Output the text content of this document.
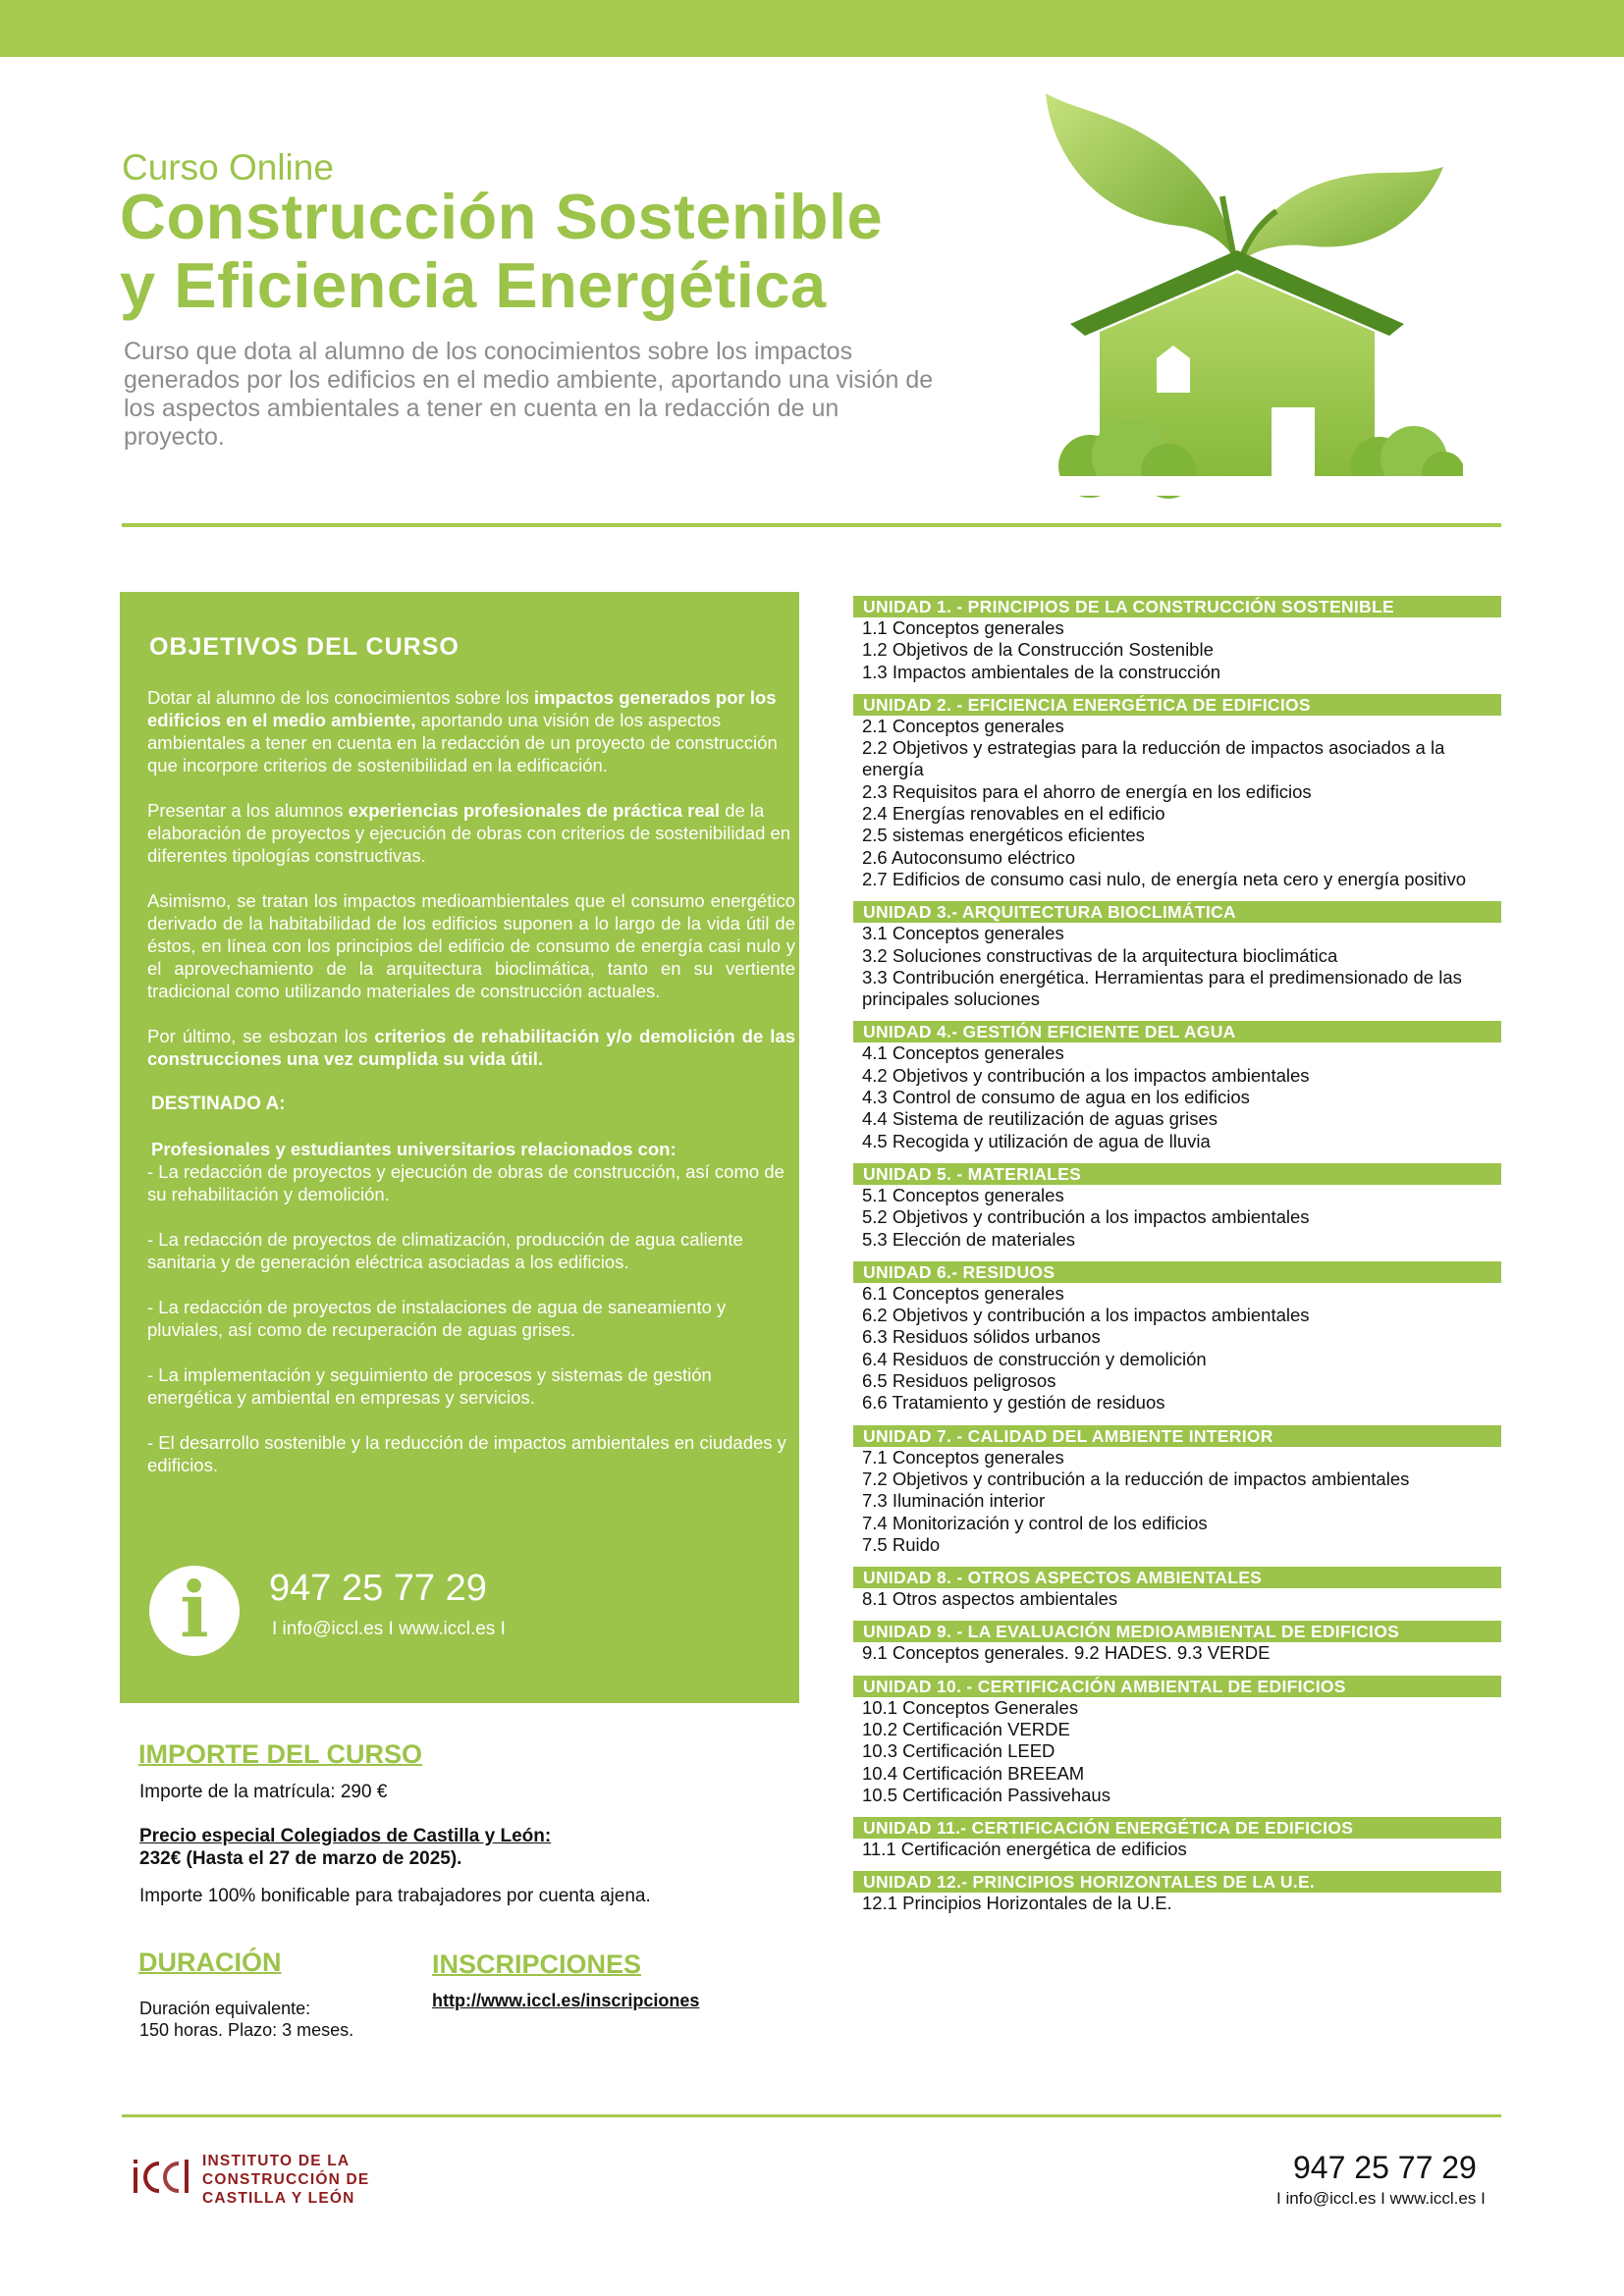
Curso Online
Construcción Sostenible
y Eficiencia Energética
Curso que dota al alumno de los conocimientos sobre los impactos generados por los edificios en el medio ambiente, aportando una visión de los aspectos ambientales a tener en cuenta en la redacción de un proyecto.
OBJETIVOS DEL CURSO

Dotar al alumno de los conocimientos sobre los impactos generados por los edificios en el medio ambiente, aportando una visión de los aspectos ambientales a tener en cuenta en la redacción de un proyecto de construcción que incorpore criterios de sostenibilidad en la edificación.

Presentar a los alumnos experiencias profesionales de práctica real de la elaboración de proyectos y ejecución de obras con criterios de sostenibilidad en diferentes tipologías constructivas.

Asimismo, se tratan los impactos medioambientales que el consumo energético derivado de la habitabilidad de los edificios suponen a lo largo de la vida útil de éstos, en línea con los principios del edificio de consumo de energía casi nulo y el aprovechamiento de la arquitectura bioclimática, tanto en su vertiente tradicional como utilizando materiales de construcción actuales.

Por último, se esbozan los criterios de rehabilitación y/o demolición de las construcciones una vez cumplida su vida útil.

DESTINADO A:
Profesionales y estudiantes universitarios relacionados con:

- La redacción de proyectos y ejecución de obras de construcción, así como de su rehabilitación y demolición.

- La redacción de proyectos de climatización, producción de agua caliente sanitaria y de generación eléctrica asociadas a los edificios.

- La redacción de proyectos de instalaciones de agua de saneamiento y pluviales, así como de recuperación de aguas grises.

- La implementación y seguimiento de procesos y sistemas de gestión energética y ambiental en empresas y servicios.

- El desarrollo sostenible y la reducción de impactos ambientales en ciudades y edificios.

i	947 25 77 29
I info@iccl.es I www.iccl.es I
IMPORTE DEL CURSO

Importe de la matrícula: 290 €

Precio especial Colegiados de Castilla y León:
232€ (Hasta el 27 de marzo de 2025).

Importe 100% bonificable para trabajadores por cuenta ajena.

DURACIÓN
Duración equivalente:
150 horas. Plazo: 3 meses.
INSCRIPCIONES
http://www.iccl.es/inscripciones
UNIDAD 1. - PRINCIPIOS DE LA CONSTRUCCIÓN SOSTENIBLE
1.1 Conceptos generales
1.2 Objetivos de la Construcción Sostenible
1.3 Impactos ambientales de la construcción
UNIDAD 2. - EFICIENCIA ENERGÉTICA DE EDIFICIOS
2.1 Conceptos generales
2.2 Objetivos y estrategias para la reducción de impactos asociados a la energía
2.3 Requisitos para el ahorro de energía en los edificios
2.4 Energías renovables en el edificio
2.5 sistemas energéticos eficientes
2.6 Autoconsumo eléctrico
2.7 Edificios de consumo casi nulo, de energía neta cero y energía positivo
UNIDAD 3.- ARQUITECTURA BIOCLIMÁTICA
3.1 Conceptos generales
3.2 Soluciones constructivas de la arquitectura bioclimática
3.3 Contribución energética. Herramientas para el predimensionado de las principales soluciones
UNIDAD 4.- GESTIÓN EFICIENTE DEL AGUA
4.1 Conceptos generales
4.2 Objetivos y contribución a los impactos ambientales
4.3 Control de consumo de agua en los edificios
4.4 Sistema de reutilización de aguas grises
4.5 Recogida y utilización de agua de lluvia
UNIDAD 5. - MATERIALES
5.1 Conceptos generales
5.2 Objetivos y contribución a los impactos ambientales
5.3 Elección de materiales
UNIDAD 6.- RESIDUOS
6.1 Conceptos generales
6.2 Objetivos y contribución a los impactos ambientales
6.3 Residuos sólidos urbanos
6.4 Residuos de construcción y demolición
6.5 Residuos peligrosos
6.6 Tratamiento y gestión de residuos
UNIDAD 7. - CALIDAD DEL AMBIENTE INTERIOR
7.1 Conceptos generales
7.2 Objetivos y contribución a la reducción de impactos ambientales
7.3 Iluminación interior
7.4 Monitorización y control de los edificios
7.5 Ruido
UNIDAD 8. - OTROS ASPECTOS AMBIENTALES
8.1 Otros aspectos ambientales
UNIDAD 9. - LA EVALUACIÓN MEDIOAMBIENTAL DE EDIFICIOS
9.1 Conceptos generales. 9.2 HADES. 9.3 VERDE
UNIDAD 10. - CERTIFICACIÓN AMBIENTAL DE EDIFICIOS
10.1 Conceptos Generales
10.2 Certificación VERDE
10.3 Certificación LEED
10.4 Certificación BREEAM
10.5 Certificación Passivehaus
UNIDAD 11.- CERTIFICACIÓN ENERGÉTICA DE EDIFICIOS
11.1 Certificación energética de edificios
UNIDAD 12.- PRINCIPIOS HORIZONTALES DE LA U.E.
12.1 Principios Horizontales de la U.E.
INSTITUTO DE LA
CONSTRUCCIÓN DE
CASTILLA Y LEÓN
947 25 77 29
I info@iccl.es I www.iccl.es I
